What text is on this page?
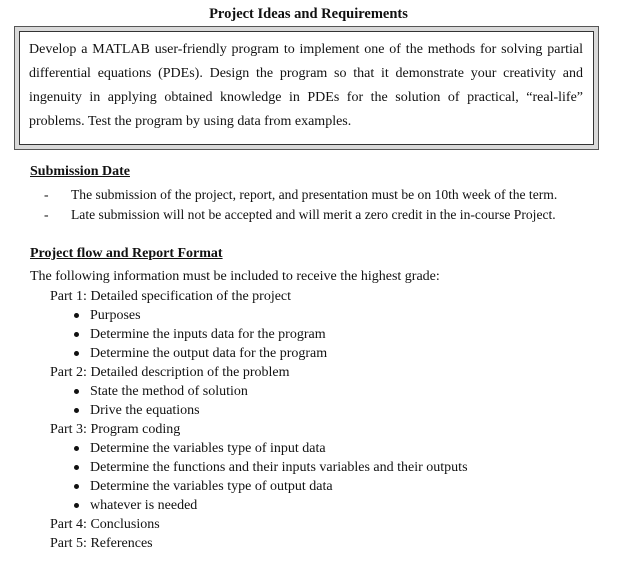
Project Ideas and Requirements

Develop a MATLAB user-friendly program to implement one of the methods for solving partial differential equations (PDEs). Design the program so that it demonstrate your creativity and ingenuity in applying obtained knowledge in PDEs for the solution of practical, “real-life” problems. Test the program by using data from examples.

Submission Date
- The submission of the project, report, and presentation must be on 10th week of the term.
- Late submission will not be accepted and will merit a zero credit in the in-course Project.
Project flow and Report Format
The following information must be included to receive the highest grade:
Part 1: Detailed specification of the project
Purposes
Determine the inputs data for the program
Determine the output data for the program
Part 2: Detailed description of the problem
State the method of solution
Drive the equations
Part 3: Program coding
Determine the variables type of input data
Determine the functions and their inputs variables and their outputs
Determine the variables type of output data
whatever is needed
Part 4: Conclusions
Part 5: References
